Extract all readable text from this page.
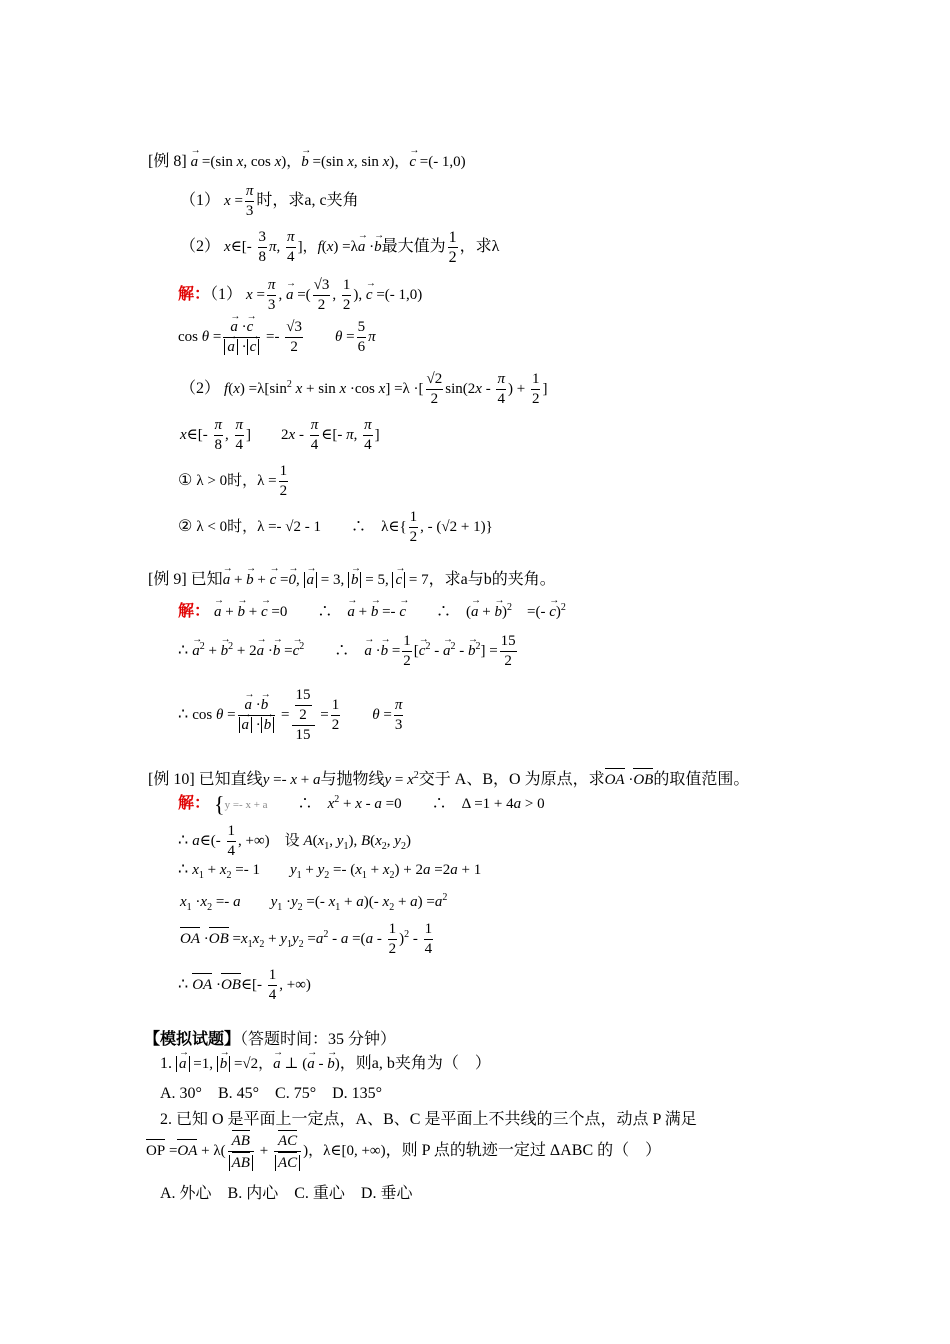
[例 8] → a =(sin x, cos x)，→ b =(sin x, sin x)，→ c =(- 1,0)
（1） $x = \frac{\pi}{3}$ 时，求a, c夹角
（2） x∈[- $\frac{3}{8} \pi$, $\frac{\pi}{4}$ ]，f(x) =λ→ a ·→ b最大值为 $\frac{1}{2}$ ，求λ
解：（1） $x = \frac{\pi}{3}$ , → a =( $\frac{√3}{2}$ , $\frac{1}{2}$ ), → c =(- 1,0)
cos θ =
→ a ·→ c
→ $a \cdot\to c =- \frac{√3}{2}$
　　 $\theta = \frac{5}{6}$ π
（2） $f(x) =\lambda[\sin^2$ x + sin x ·cos x] =λ ·[ $\frac{√2}{2} \sin(2x - \frac{\pi}{4}$ ) + $\frac{1}{2}$ ]
x∈[- $\frac{\pi}{8}$ , $\frac{\pi}{4}$ ]　　$2x - \frac{\pi}{4}$ ∈[- π, $\frac{\pi}{4}$ ]
① λ > 0时，$\lambda = \frac{1}{2}$
② λ < 0时，λ =- √2 - 1　　∴　λ∈{ $\frac{1}{2}$ , - (√2 + 1)}
[例 9] 已知→ a + → b + → c =→ 0, → a = 3, → b = 5, → c = 7，求a与b的夹角。
解： → a + → b + → c =0　　∴　→ a + → b =- → c　　 ∴　(→ a + → b)$^2$　=(- → c)$^2$
∴ → $a^2$ + → $b^2 + 2\to a \cdot\to b =\to c^2$　　 ∴　→ $a \cdot\to b = \frac{1}{2}$ [→ $c^2$ - → $a^2$ - → $b^2] = \frac{15}{2}$
∴ cos θ =
→ a ·→ b
→ $a \cdot\to b = \frac{\frac{15}{2}}{15} = \frac{1}{2}$
　　 $\theta = \frac{\pi}{3}$
[例 10] 已知直线y =- x + a与抛物线$y = x^2$交于 A、B，O 为原点，求OA ·OB的取值范围。
解： {y =- x + a　　 ∴　 $x^2 + x - a =0$　　∴　Δ =1 + 4a > 0
∴ a∈(- $\frac{1}{4}$ , +∞)　设 $A(x_1$, $y_1$), $B(x_2$, $y_2$)
∴ $x_1 + x_2 =- 1$　　$y_1 + y_2 =- (x_1 + x_2) + 2a =2a + 1$
$x_1 \cdot x_2 =- a$　　 $y_1 \cdot y_2$ =(- $x_1 + a)(-$ $x_2 + a) =a^2$
OA $\cdot OB =x_1x_2 + y_1y_2 =a^2 - a =(a - \frac{1}{2} )^2 - \frac{1}{4}$
∴ OA ·OB∈[- $\frac{1}{4}$ , +∞)
【模拟试题】（答题时间：35 分钟）
1. → a =1, → b =√2，→ a ⊥ (→ a - → b)，则a, b夹角为（　）
A. 30°　B. 45°　C. 75°　D. 135°
2. 已知 O 是平面上一定点，A、B、C 是平面上不共线的三个点，动点 P 满足
OP $=OA + \lambda( \frac{AB}{AB} + \frac{AC}{AC}$ )，λ∈[0, +∞)，则 P 点的轨迹一定过 ΔABC 的（　）
A. 外心　B. 内心　C. 重心　D. 垂心
